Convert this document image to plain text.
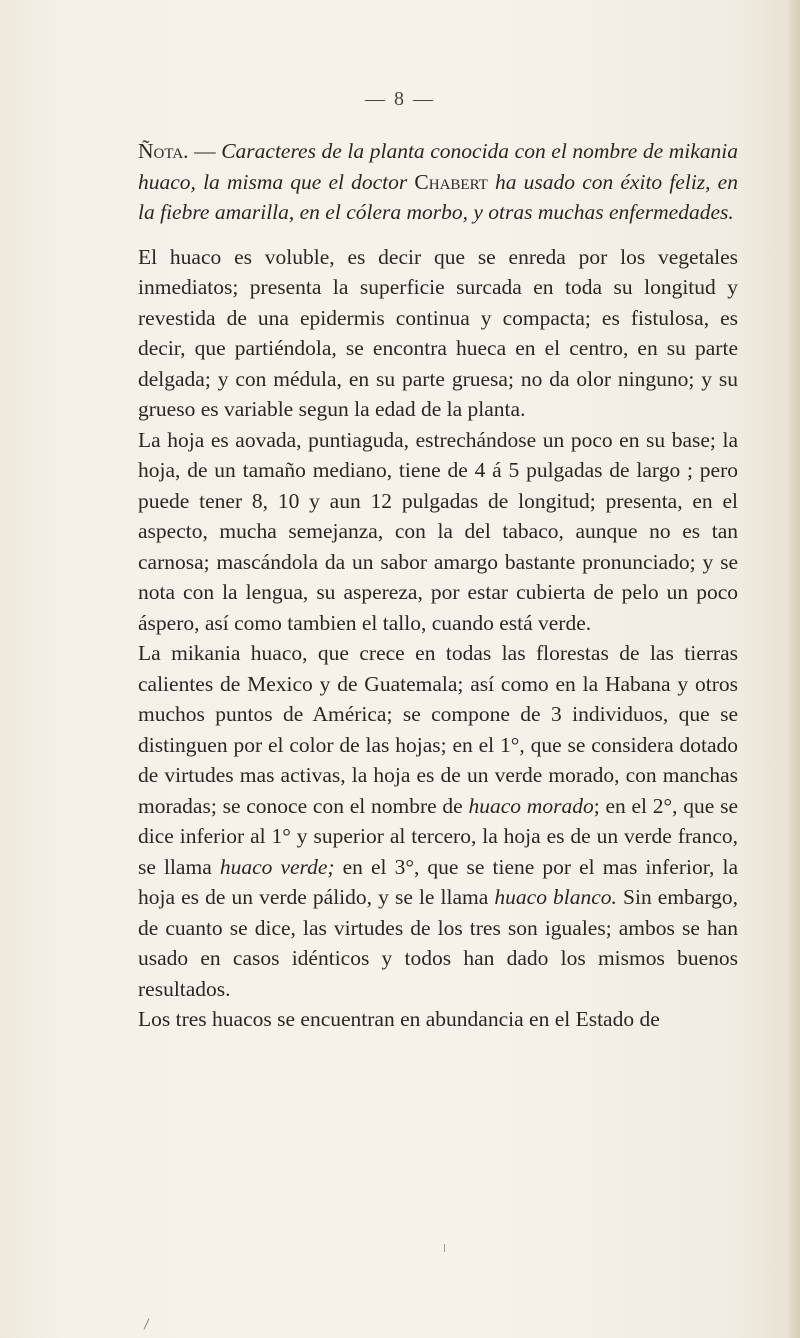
— 8 —

Ñota. — Caracteres de la planta conocida con el nombre de mikania huaco, la misma que el doctor Chabert ha usado con éxito feliz, en la fiebre amarilla, en el cólera morbo, y otras muchas enfermedades.

El huaco es voluble, es decir que se enreda por los vegetales inmediatos; presenta la superficie surcada en toda su longitud y revestida de una epidermis continua y compacta; es fistulosa, es decir, que partiéndola, se encontra hueca en el centro, en su parte delgada; y con médula, en su parte gruesa; no da olor ninguno; y su grueso es variable segun la edad de la planta.

La hoja es aovada, puntiaguda, estrechándose un poco en su base; la hoja, de un tamaño mediano, tiene de 4 á 5 pulgadas de largo ; pero puede tener 8, 10 y aun 12 pulgadas de longitud; presenta, en el aspecto, mucha semejanza, con la del tabaco, aunque no es tan carnosa; mascándola da un sabor amargo bastante pronunciado; y se nota con la lengua, su aspereza, por estar cubierta de pelo un poco áspero, así como tambien el tallo, cuando está verde.

La mikania huaco, que crece en todas las florestas de las tierras calientes de Mexico y de Guatemala; así como en la Habana y otros muchos puntos de América; se compone de 3 individuos, que se distinguen por el color de las hojas; en el 1°, que se considera dotado de virtudes mas activas, la hoja es de un verde morado, con manchas moradas; se conoce con el nombre de huaco morado; en el 2°, que se dice inferior al 1° y superior al tercero, la hoja es de un verde franco, se llama huaco verde; en el 3°, que se tiene por el mas inferior, la hoja es de un verde pálido, y se le llama huaco blanco. Sin embargo, de cuanto se dice, las virtudes de los tres son iguales; ambos se han usado en casos idénticos y todos han dado los mismos buenos resultados.

Los tres huacos se encuentran en abundancia en el Estado de
